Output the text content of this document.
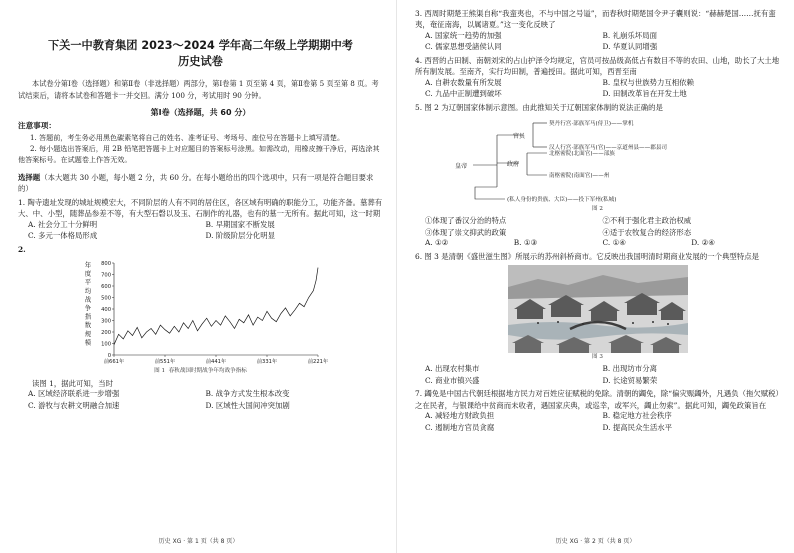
下关一中教育集团 2023～2024 学年高二年级上学期期中考
历史试卷
本试卷分第Ⅰ卷（选择题）和第Ⅱ卷（非选择题）两部分，第Ⅰ卷第 1 页至第 4 页，第Ⅱ卷第 5 页至第 8 页。考试结束后，请将本试卷和答题卡一并交回。满分 100 分，考试用时 90 分钟。
第Ⅰ卷（选择题，共 60 分）
注意事项：
1. 答题前，考生务必用黑色碳素笔将自己的姓名、准考证号、考场号、座位号在答题卡上填写清楚。
2. 每小题选出答案后，用 2B 铅笔把答题卡上对应题目的答案标号涂黑。如需改动，用橡皮擦干净后，再选涂其他答案标号。在试题卷上作答无效。
选择题（本大题共 30 小题，每小题 2 分，共 60 分。在每小题给出的四个选项中，只有一项是符合题目要求的）
1. 陶寺遗址发现的城址规模宏大，不同阶层的人有不同的居住区，各区域有明确的职能分工，功能齐备。墓葬有大、中、小型，随葬品参差不等，有大型石磬以及玉、石制作的礼器，也有的墓一无所有。据此可知，这一时期
A. 社会分工十分鲜明	B. 早期国家不断发展
C. 多元一体格局形成	D. 阶级阶层分化明显
2.
0
100
200
300
400
500
600
700
800
年
度
平
均
战
争
指
数
规
模
前661年	前551年	前441年	前331年	前221年
图 1 春秋战国时期战争年均战争指标
读图 1，据此可知，当时
A. 区域经济联系进一步增强	B. 战争方式发生根本改变
C. 游牧与农耕文明融合加速	D. 区域性大国间冲突加剧
历史 XG · 第 1 页（共 8 页）
3. 西周时期楚王熊渠自称“我蛮夷也，不与中国之号谥”，而春秋时期楚国令尹子囊则说：“赫赫楚国……抚有蛮夷，奄征南海，以属诸夏。”这一变化反映了
A. 国家统一趋势的加强	B. 礼崩乐坏局面
C. 儒家思想受諸侯认同	D. 华夏认同增强
4. 西晋的占田制、南朝刘宋的占山护泽令均规定，官员可按品级高低占有数目不等的农田、山地，助长了大土地所有制发展。至南齐，实行均田制，普遍授田。据此可知，西晋至南
A. 自耕农数量有所发展	B. 皇权与世族势力互相依赖
C. 九品中正制遭到破坏	D. 田制改革旨在开发土地
5. 图 2 为辽朝国家体制示意图。由此推知关于辽朝国家体制的说法正确的是
皇帝
官员
政府
契丹行宫·部族军马(侍卫)——掌机
汉人行宫·部族军马(官)——京道州县——郡县司
北枢密院(北面官)——部族
南枢密院(南面官)——州
(私人身份的贵族、大臣)——投下军州(私城)
图 2
①体现了番汉分治的特点	②不利于强化君主政治权威
③体现了崇文抑武的政策	④适于农牧复合的经济形态
A. ①②	B. ①③	C. ①④	D. ②④
6. 图 3 是清朝《盛世滋生图》所展示的苏州斜桥商市。它反映出我国明清时期商业发展的一个典型特点是
图 3
A. 出现农村集市	B. 出现坊市分离
C. 商业市镇兴盛	D. 长途贸易繁荣
7. 蠲免是中国古代朝廷根据地方民力对百姓应征赋税的免除。清朝的蠲免，除“偏灾赈蠲外，凡遇负（拖欠赋税）之在民者，与银课给中贫商而未收者，遇国家庆典，或巡幸，或军兴，蠲止勿索”。据此可知，蠲免政策旨在
A. 减轻地方财政负担	B. 稳定地方社会秩序
C. 遏制地方官员贪腐	D. 提高民众生活水平
历史 XG · 第 2 页（共 8 页）
